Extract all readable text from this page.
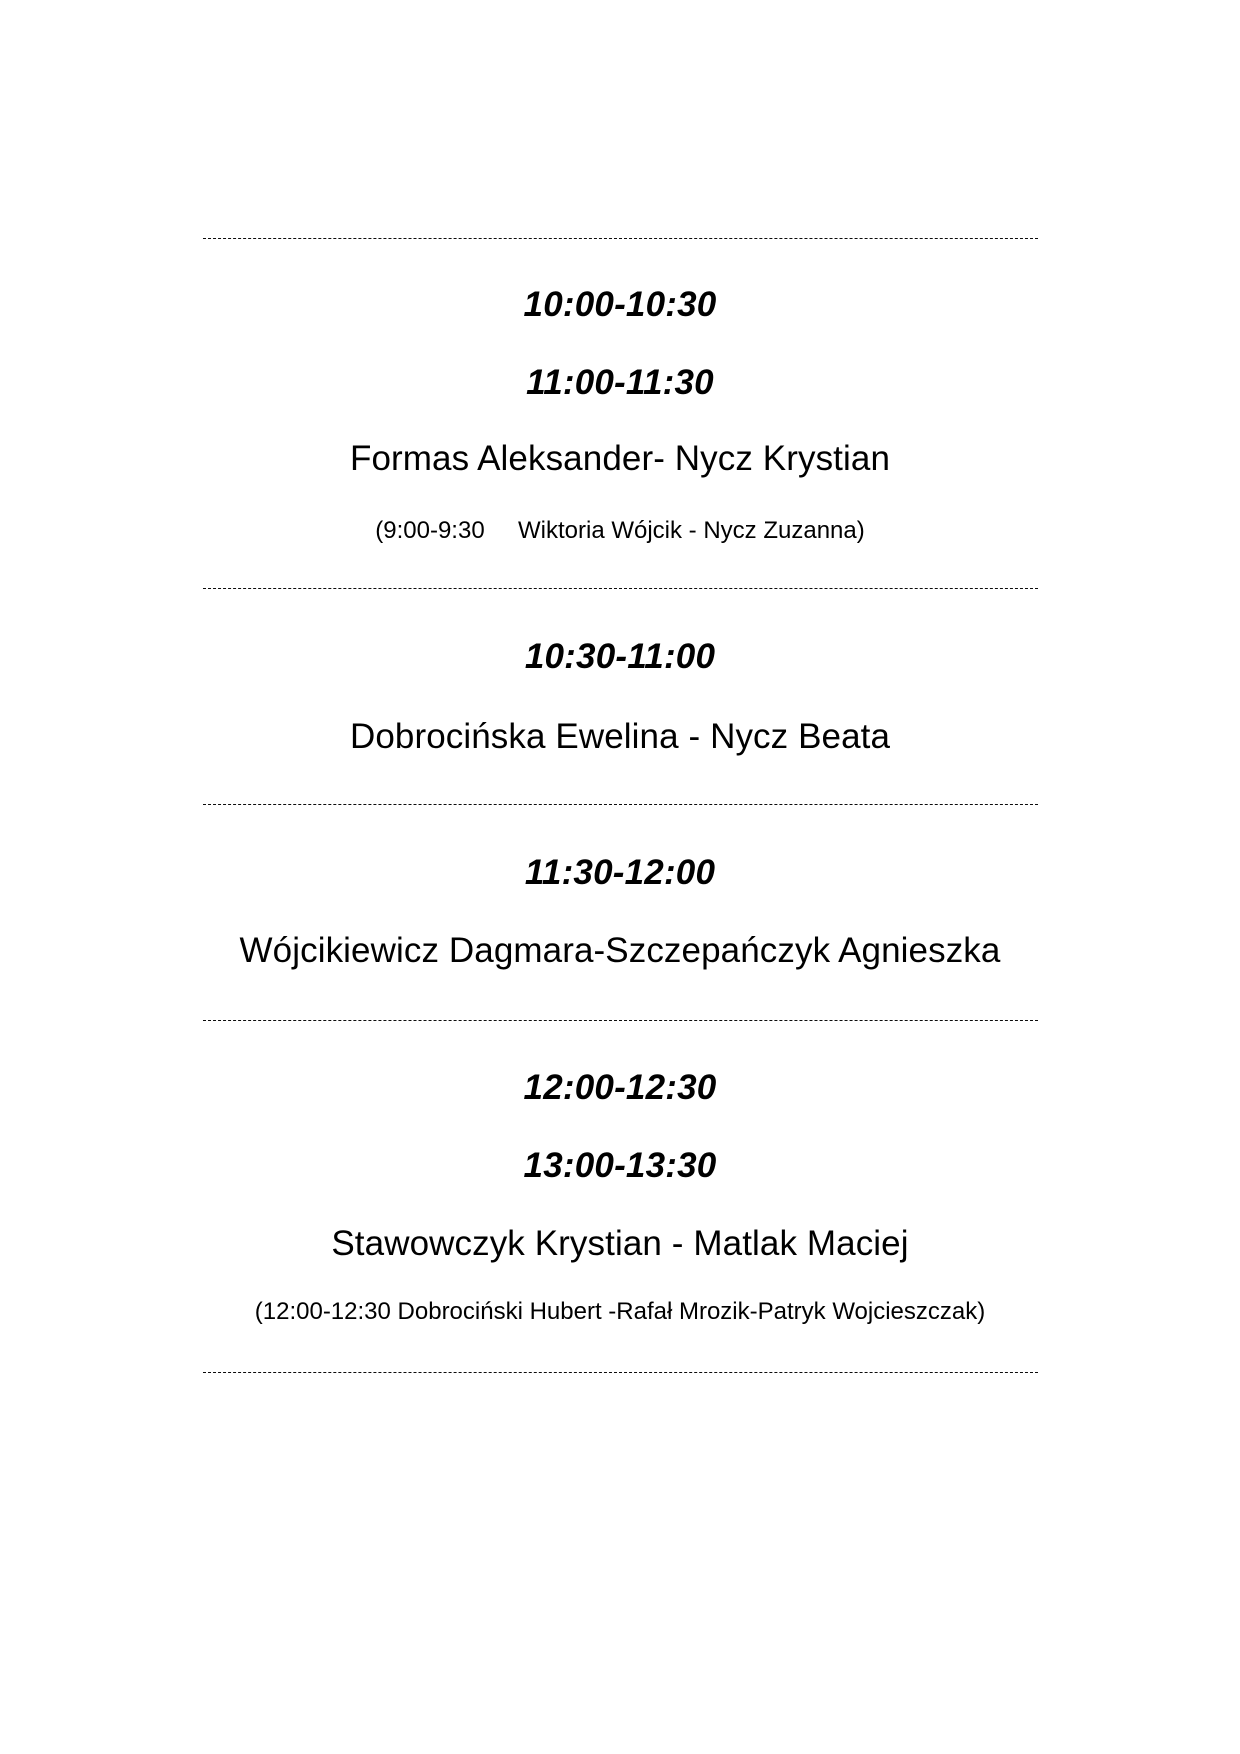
10:00-10:30
11:00-11:30
Formas Aleksander- Nycz Krystian
(9:00-9:30     Wiktoria Wójcik - Nycz Zuzanna)
10:30-11:00
Dobrocińska Ewelina - Nycz Beata
11:30-12:00
Wójcikiewicz Dagmara-Szczepańczyk Agnieszka
12:00-12:30
13:00-13:30
Stawowczyk Krystian - Matlak Maciej
(12:00-12:30 Dobrociński Hubert -Rafał Mrozik-Patryk Wojcieszczak)
